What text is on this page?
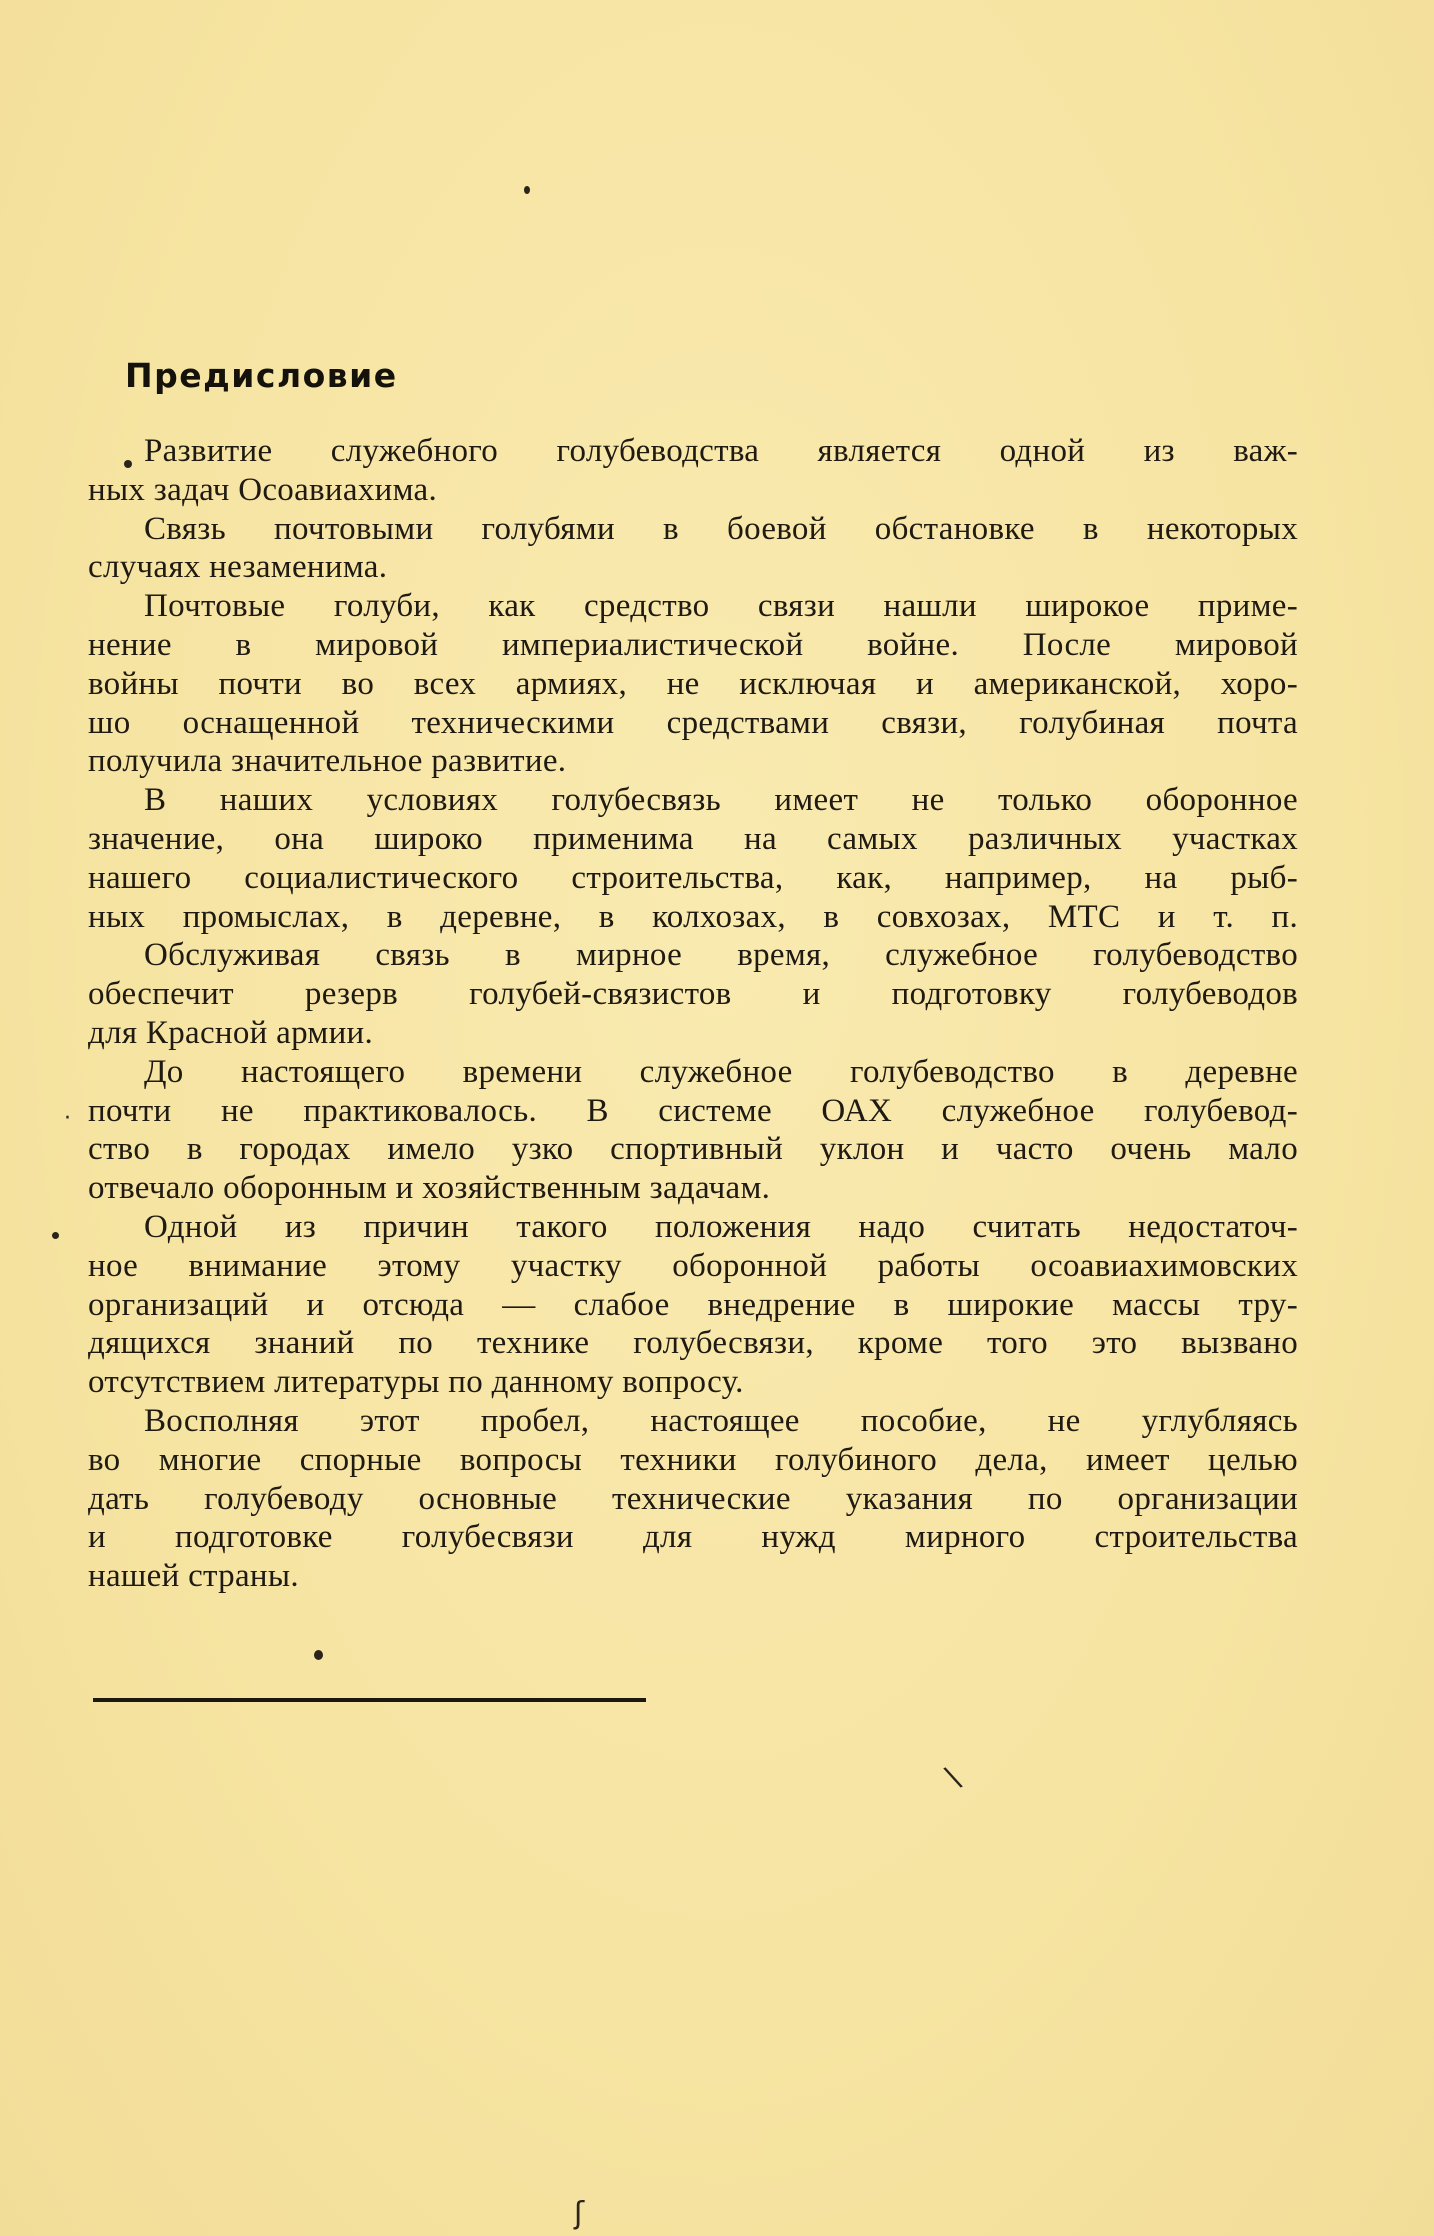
\
ʃ
·
Предисловие
Развитие служебного голубеводства является одной из важ-
ных задач Осоавиахима.
Связь почтовыми голубями в боевой обстановке в некоторых
случаях незаменима.
Почтовые голуби, как средство связи нашли широкое приме-
нение в мировой империалистической войне. После мировой
войны почти во всех армиях, не исключая и американской, хоро-
шо оснащенной техническими средствами связи, голубиная почта
получила значительное развитие.
В наших условиях голубесвязь имеет не только оборонное
значение, она широко применима на самых различных участках
нашего социалистического строительства, как, например, на рыб-
ных промыслах, в деревне, в колхозах, в совхозах, МТС и т. п.
Обслуживая связь в мирное время, служебное голубеводство
обеспечит резерв голубей-связистов и подготовку голубеводов
для Красной армии.
До настоящего времени служебное голубеводство в деревне
почти не практиковалось. В системе ОАХ служебное голубевод-
ство в городах имело узко спортивный уклон и часто очень мало
отвечало оборонным и хозяйственным задачам.
Одной из причин такого положения надо считать недостаточ-
ное внимание этому участку оборонной работы осоавиахимовских
организаций и отсюда — слабое внедрение в широкие массы тру-
дящихся знаний по технике голубесвязи, кроме того это вызвано
отсутствием литературы по данному вопросу.
Восполняя этот пробел, настоящее пособие, не углубляясь
во многие спорные вопросы техники голубиного дела, имеет целью
дать голубеводу основные технические указания по организации
и подготовке голубесвязи для нужд мирного строительства
нашей страны.
